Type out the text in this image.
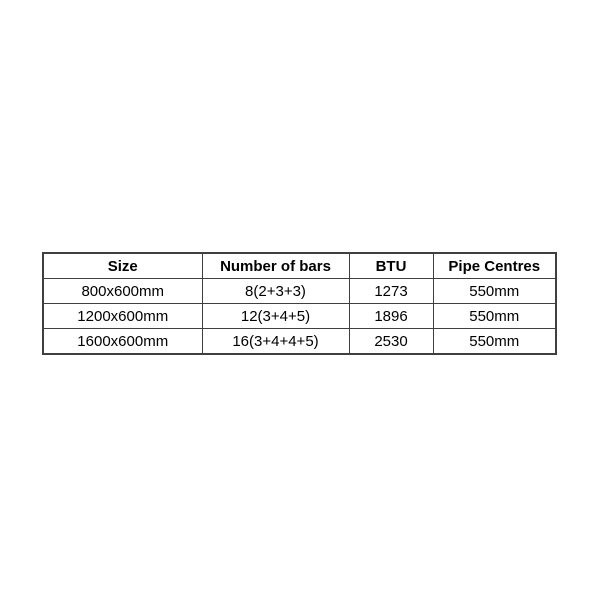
Size	Number of bars	BTU	Pipe Centres
800x600mm	8(2+3+3)	1273	550mm
1200x600mm	12(3+4+5)	1896	550mm
1600x600mm	16(3+4+4+5)	2530	550mm
